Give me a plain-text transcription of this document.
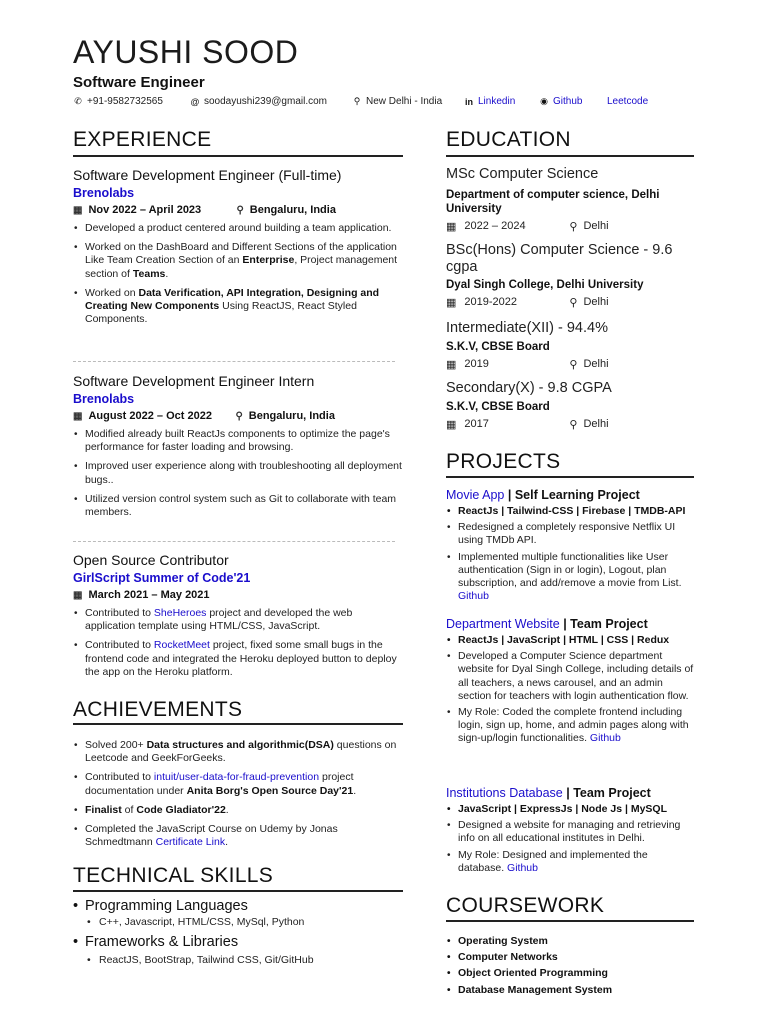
AYUSHI SOOD
Software Engineer
✆ +91-9582732565	@ soodayushi239@gmail.com	⚲ New Delhi - India	in Linkedin	◉ Github Leetcode
EXPERIENCE
Software Development Engineer (Full-time)
Brenolabs
▦ Nov 2022 – April 2023	⚲ Bengaluru, India
• Developed a product centered around building a team application.
• Worked on the DashBoard and Different Sections of the application Like Team Creation Section of an Enterprise, Project management section of Teams.
• Worked on Data Verification, API Integration, Designing and Creating New Components Using ReactJS, React Styled Components.
Software Development Engineer Intern
Brenolabs
▦ August 2022 – Oct 2022	⚲ Bengaluru, India
• Modified already built ReactJs components to optimize the page's performance for faster loading and browsing.
• Improved user experience along with troubleshooting all deployment bugs..
• Utilized version control system such as Git to collaborate with team members.
Open Source Contributor
GirlScript Summer of Code'21
▦ March 2021 – May 2021
• Contributed to SheHeroes project and developed the web application template using HTML/CSS, JavaScript.
• Contributed to RocketMeet project, fixed some small bugs in the frontend code and integrated the Heroku deployed button to deploy the app on the Heroku platform.
ACHIEVEMENTS
• Solved 200+ Data structures and algorithmic(DSA) questions on Leetcode and GeekForGeeks.
• Contributed to intuit/user-data-for-fraud-prevention project documentation under Anita Borg's Open Source Day'21.
• Finalist of Code Gladiator'22.
• Completed the JavaScript Course on Udemy by Jonas Schmedtmann Certificate Link.
TECHNICAL SKILLS
• Programming Languages
• C++, Javascript, HTML/CSS, MySql, Python
• Frameworks & Libraries
• ReactJS, BootStrap, Tailwind CSS, Git/GitHub
EDUCATION
MSc Computer Science
Department of computer science, Delhi University
▦ 2022 – 2024	⚲ Delhi
BSc(Hons) Computer Science - 9.6 cgpa
Dyal Singh College, Delhi University
▦ 2019-2022	⚲ Delhi
Intermediate(XII) - 94.4%
S.K.V, CBSE Board
▦ 2019	⚲ Delhi
Secondary(X) - 9.8 CGPA
S.K.V, CBSE Board
▦ 2017	⚲ Delhi
PROJECTS
Movie App | Self Learning Project
• ReactJs | Tailwind-CSS | Firebase | TMDB-API
• Redesigned a completely responsive Netflix UI using TMDb API.
• Implemented multiple functionalities like User authentication (Sign in or login), Logout, plan subscription, and add/remove a movie from List. Github
Department Website | Team Project
• ReactJs | JavaScript | HTML | CSS | Redux
• Developed a Computer Science department website for Dyal Singh College, including details of all teachers, a news carousel, and an admin section for teachers with login authentication flow.
• My Role: Coded the complete frontend including login, sign up, home, and admin pages along with sign-up/login functionalities. Github
Institutions Database | Team Project
• JavaScript | ExpressJs | Node Js | MySQL
• Designed a website for managing and retrieving info on all educational institutes in Delhi.
• My Role: Designed and implemented the database. Github
COURSEWORK
• Operating System
• Computer Networks
• Object Oriented Programming
• Database Management System
